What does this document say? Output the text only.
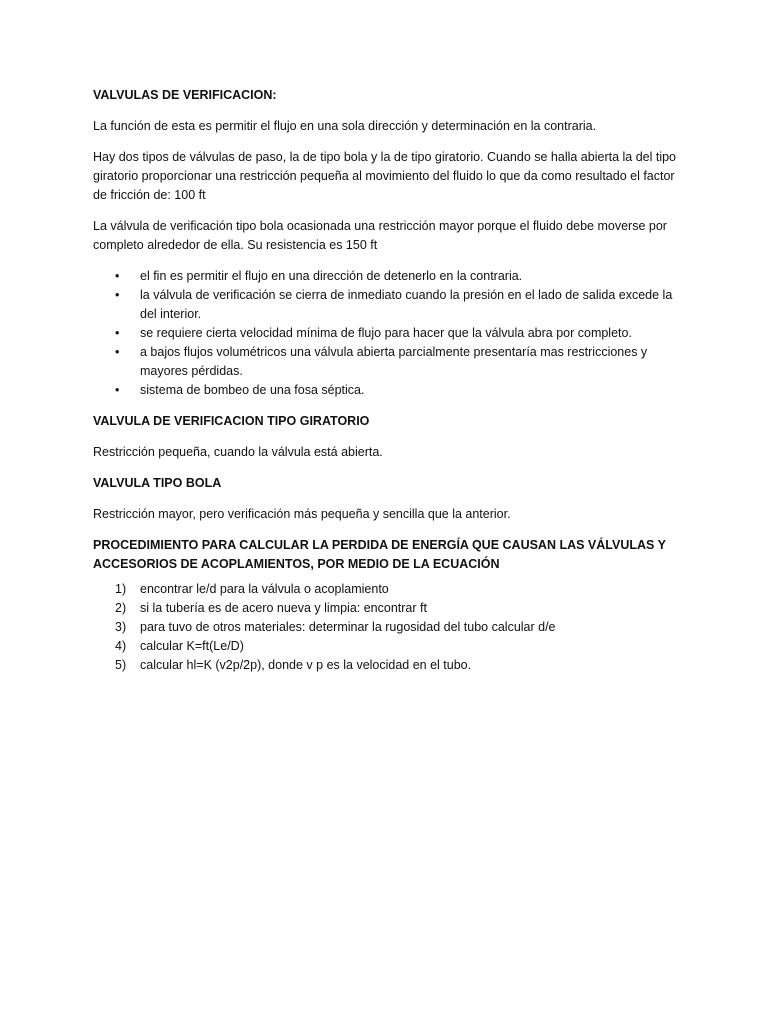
VALVULAS DE VERIFICACION:

La función de esta es permitir el flujo en una sola dirección y determinación en la contraria.

Hay dos tipos de válvulas de paso, la de tipo bola y la de tipo giratorio. Cuando se halla abierta la del tipo giratorio proporcionar una restricción pequeña al movimiento del fluido lo que da como resultado el factor de fricción de: 100 ft

La válvula de verificación tipo bola ocasionada una restricción mayor porque el fluido debe moverse por completo alrededor de ella. Su resistencia es 150 ft

• el fin es permitir el flujo en una dirección de detenerlo en la contraria.
• la válvula de verificación se cierra de inmediato cuando la presión en el lado de salida excede la del interior.
• se requiere cierta velocidad mínima de flujo para hacer que la válvula abra por completo.
• a bajos flujos volumétricos una válvula abierta parcialmente presentaría mas restricciones y mayores pérdidas.
• sistema de bombeo de una fosa séptica.

VALVULA DE VERIFICACION TIPO GIRATORIO

Restricción pequeña, cuando la válvula está abierta.

VALVULA TIPO BOLA

Restricción mayor, pero verificación más pequeña y sencilla que la anterior.

PROCEDIMIENTO PARA CALCULAR LA PERDIDA DE ENERGÍA QUE CAUSAN LAS VÁLVULAS Y ACCESORIOS DE ACOPLAMIENTOS, POR MEDIO DE LA ECUACIÓN

1) encontrar le/d para la válvula o acoplamiento
2) si la tubería es de acero nueva y limpia: encontrar ft
3) para tuvo de otros materiales: determinar la rugosidad del tubo calcular d/e
4) calcular K=ft(Le/D)
5) calcular hl=K (v2p/2p), donde v p es la velocidad en el tubo.
